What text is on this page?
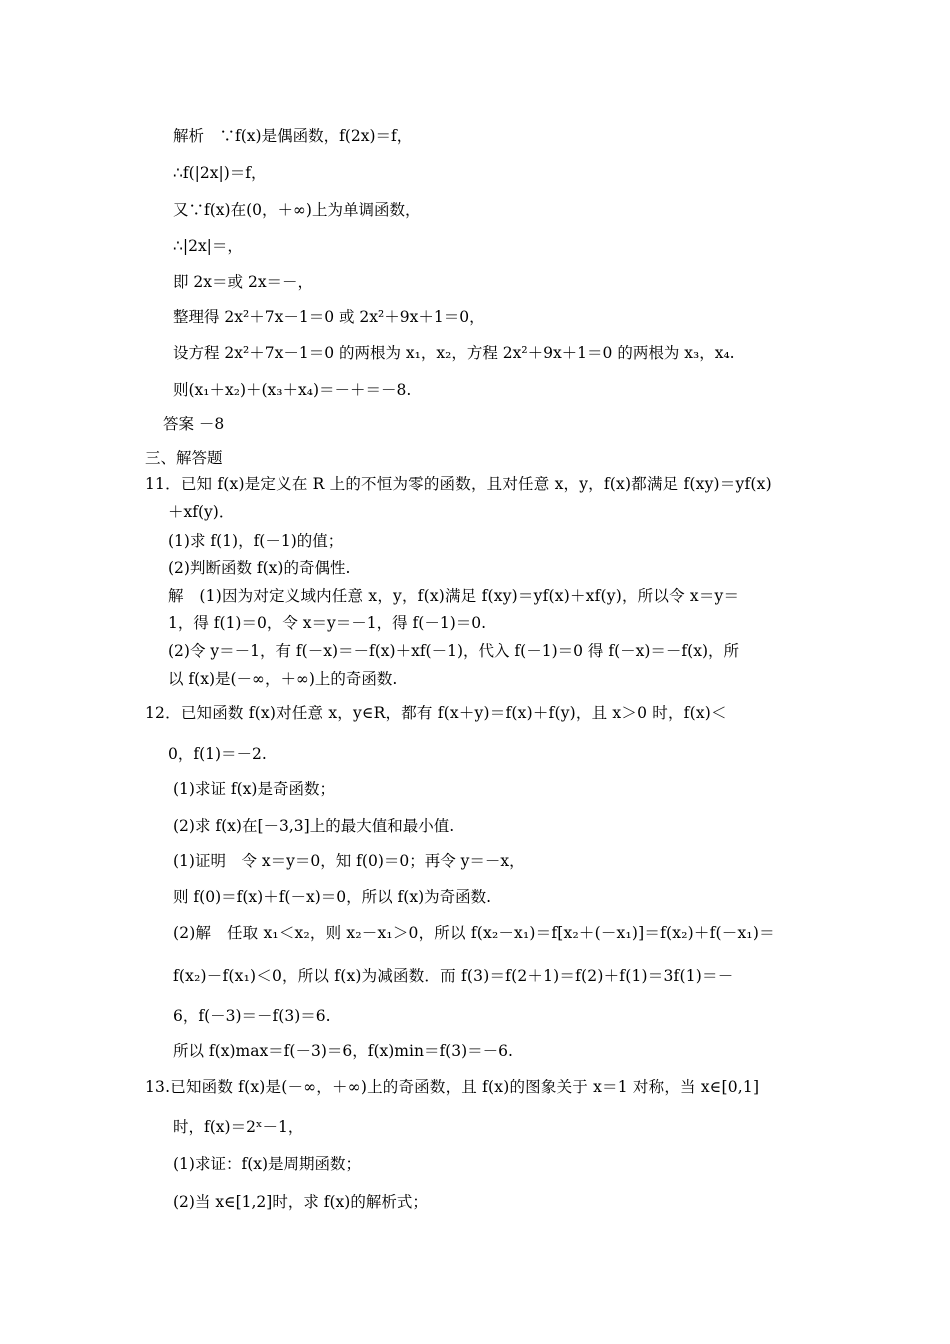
解析　∵f(x)是偶函数，f(2x)＝f，
∴f(|2x|)＝f，
又∵f(x)在(0，＋∞)上为单调函数，
∴|2x|＝，
即 2x＝或 2x＝－，
整理得 2x²＋7x－1＝0 或 2x²＋9x＋1＝0，
设方程 2x²＋7x－1＝0 的两根为 x₁，x₂，方程 2x²＋9x＋1＝0 的两根为 x₃，x₄.
则(x₁＋x₂)＋(x₃＋x₄)＝－＋＝－8.
答案 －8
三、解答题
11．已知 f(x)是定义在 R 上的不恒为零的函数，且对任意 x，y，f(x)都满足 f(xy)＝yf(x)
＋xf(y)．
(1)求 f(1)，f(－1)的值；
(2)判断函数 f(x)的奇偶性.
解　(1)因为对定义域内任意 x，y，f(x)满足 f(xy)＝yf(x)＋xf(y)，所以令 x＝y＝
1，得 f(1)＝0，令 x＝y＝－1，得 f(－1)＝0.
(2)令 y＝－1，有 f(－x)＝－f(x)＋xf(－1)，代入 f(－1)＝0 得 f(－x)＝－f(x)，所
以 f(x)是(－∞，＋∞)上的奇函数.
12．已知函数 f(x)对任意 x，y∈R，都有 f(x＋y)＝f(x)＋f(y)，且 x＞0 时，f(x)＜
0，f(1)＝－2.
(1)求证 f(x)是奇函数；
(2)求 f(x)在[－3,3]上的最大值和最小值.
(1)证明　令 x＝y＝0，知 f(0)＝0；再令 y＝－x，
则 f(0)＝f(x)＋f(－x)＝0，所以 f(x)为奇函数.
(2)解　任取 x₁＜x₂，则 x₂－x₁＞0，所以 f(x₂－x₁)＝f[x₂＋(－x₁)]＝f(x₂)＋f(－x₁)＝
f(x₂)－f(x₁)＜0，所以 f(x)为减函数．而 f(3)＝f(2＋1)＝f(2)＋f(1)＝3f(1)＝－
6，f(－3)＝－f(3)＝6.
所以 f(x)max＝f(－3)＝6，f(x)min＝f(3)＝－6.
13.已知函数 f(x)是(－∞，＋∞)上的奇函数，且 f(x)的图象关于 x＝1 对称，当 x∈[0,1]
时，f(x)＝2ˣ－1，
(1)求证：f(x)是周期函数；
(2)当 x∈[1,2]时，求 f(x)的解析式；
